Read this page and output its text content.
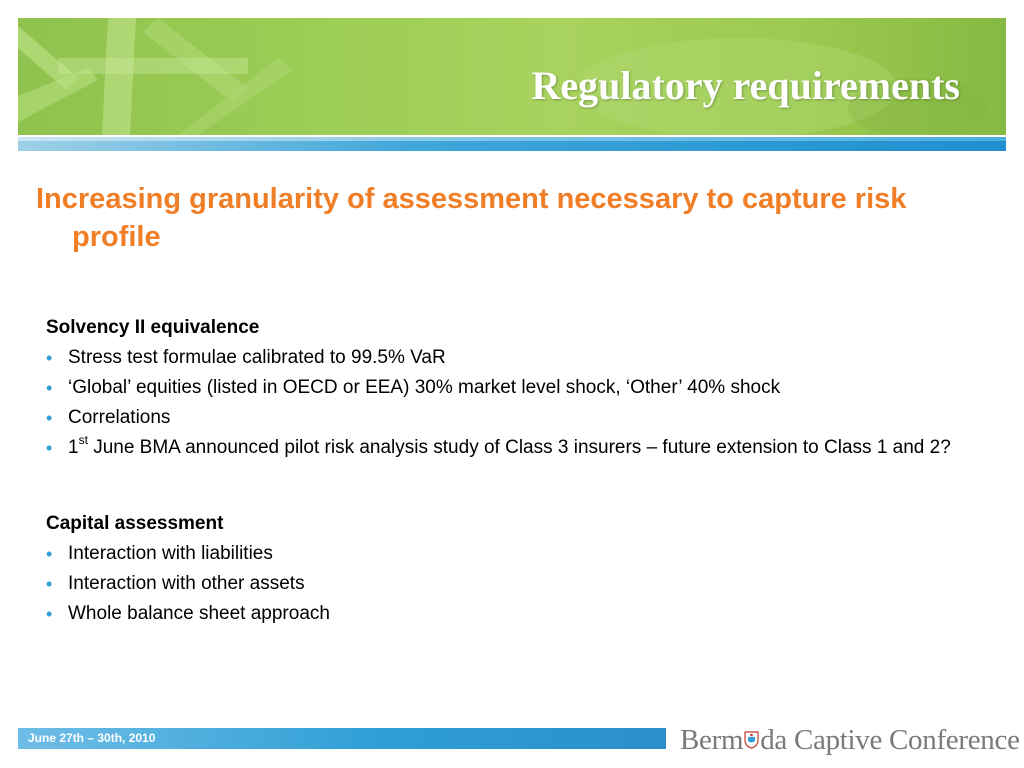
Regulatory requirements
Increasing granularity of assessment necessary to capture risk profile
Solvency II equivalence
• Stress test formulae calibrated to 99.5% VaR
• ‘Global’ equities (listed in OECD or EEA) 30% market level shock, ‘Other’ 40% shock
• Correlations
• 1st June BMA announced pilot risk analysis study of Class 3 insurers – future extension to Class 1 and 2?
Capital assessment
• Interaction with liabilities
• Interaction with other assets
• Whole balance sheet approach
June 27th – 30th, 2010	Berm da Captive Conference
